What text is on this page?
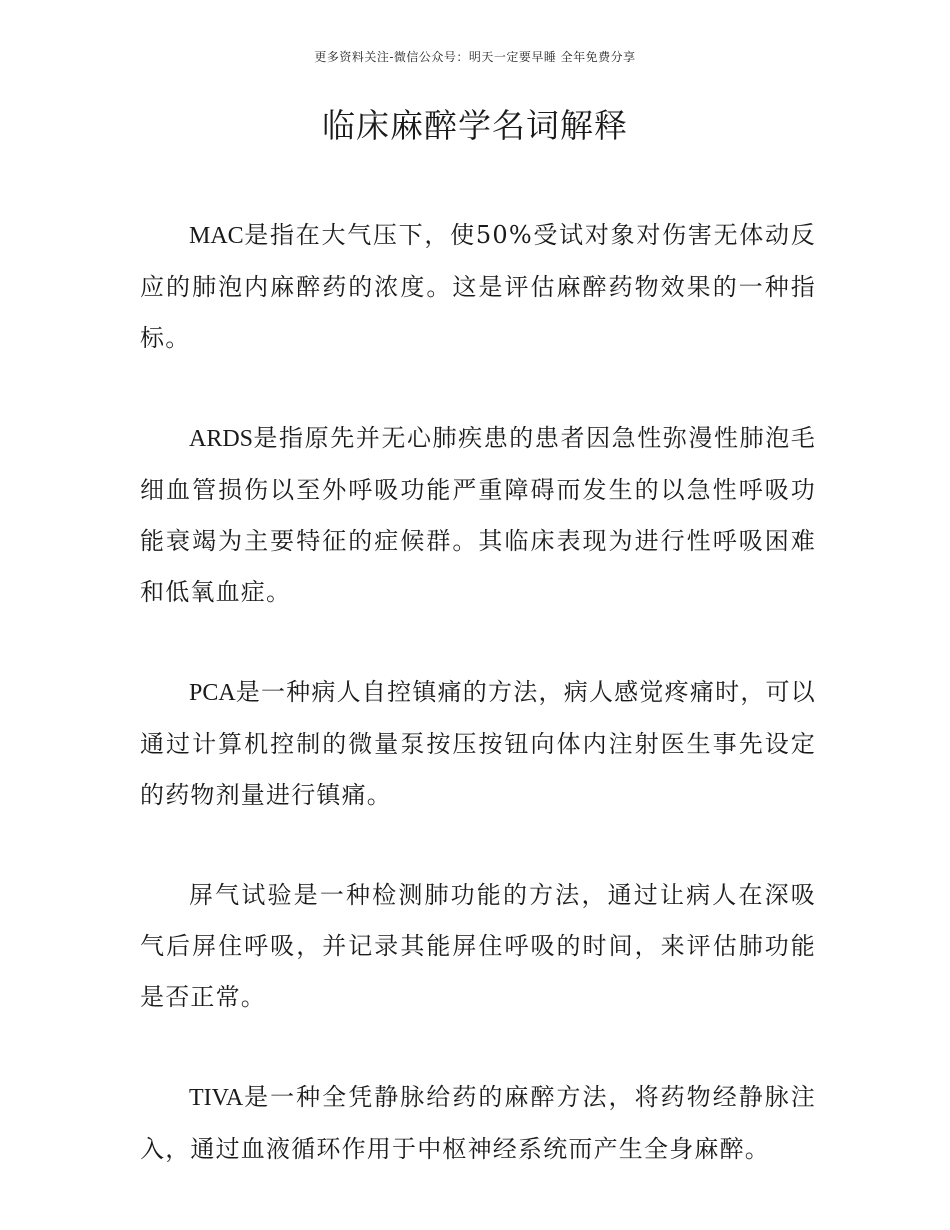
更多资料关注-微信公众号：明天一定要早睡 全年免费分享
临床麻醉学名词解释

MAC是指在大气压下，使50%受试对象对伤害无体动反应的肺泡内麻醉药的浓度。这是评估麻醉药物效果的一种指标。

ARDS是指原先并无心肺疾患的患者因急性弥漫性肺泡毛细血管损伤以至外呼吸功能严重障碍而发生的以急性呼吸功能衰竭为主要特征的症候群。其临床表现为进行性呼吸困难和低氧血症。

PCA是一种病人自控镇痛的方法，病人感觉疼痛时，可以通过计算机控制的微量泵按压按钮向体内注射医生事先设定的药物剂量进行镇痛。

屏气试验是一种检测肺功能的方法，通过让病人在深吸气后屏住呼吸，并记录其能屏住呼吸的时间，来评估肺功能是否正常。

TIVA是一种全凭静脉给药的麻醉方法，将药物经静脉注入，通过血液循环作用于中枢神经系统而产生全身麻醉。
